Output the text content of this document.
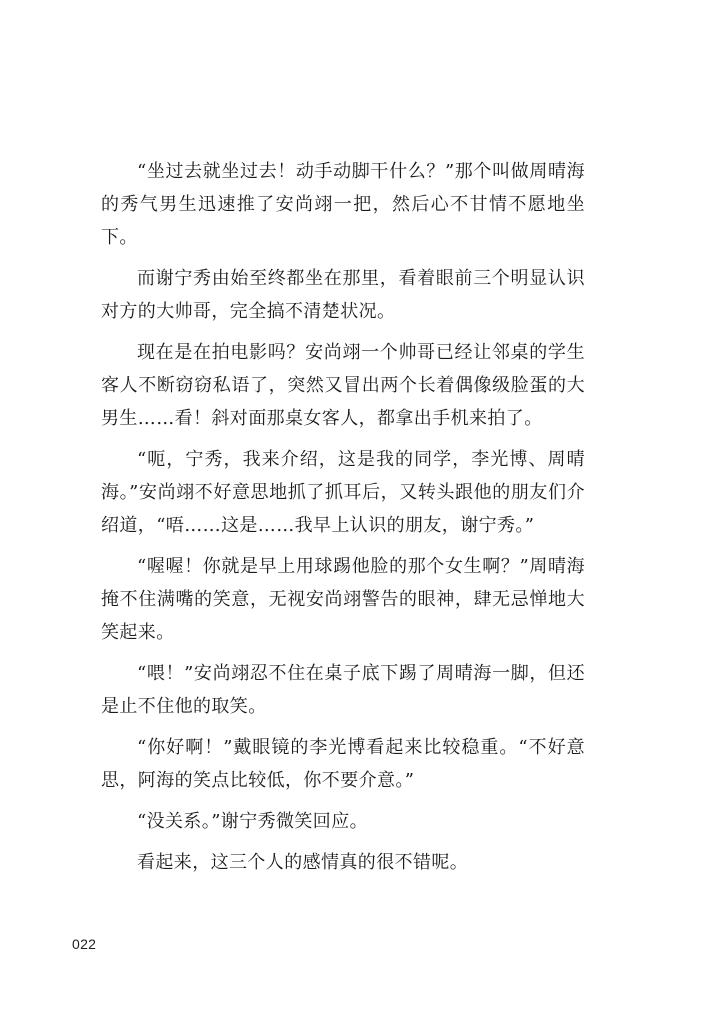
“坐过去就坐过去！动手动脚干什么？”那个叫做周晴海的秀气男生迅速推了安尚翊一把，然后心不甘情不愿地坐下。

而谢宁秀由始至终都坐在那里，看着眼前三个明显认识对方的大帅哥，完全搞不清楚状况。

现在是在拍电影吗？安尚翊一个帅哥已经让邻桌的学生客人不断窃窃私语了，突然又冒出两个长着偶像级脸蛋的大男生……看！斜对面那桌女客人，都拿出手机来拍了。

“呃，宁秀，我来介绍，这是我的同学，李光博、周晴海。”安尚翊不好意思地抓了抓耳后，又转头跟他的朋友们介绍道，“唔……这是……我早上认识的朋友，谢宁秀。”

“喔喔！你就是早上用球踢他脸的那个女生啊？”周晴海掩不住满嘴的笑意，无视安尚翊警告的眼神，肆无忌惮地大笑起来。

“喂！”安尚翊忍不住在桌子底下踢了周晴海一脚，但还是止不住他的取笑。

“你好啊！”戴眼镜的李光博看起来比较稳重。“不好意思，阿海的笑点比较低，你不要介意。”

“没关系。”谢宁秀微笑回应。

看起来，这三个人的感情真的很不错呢。

022
